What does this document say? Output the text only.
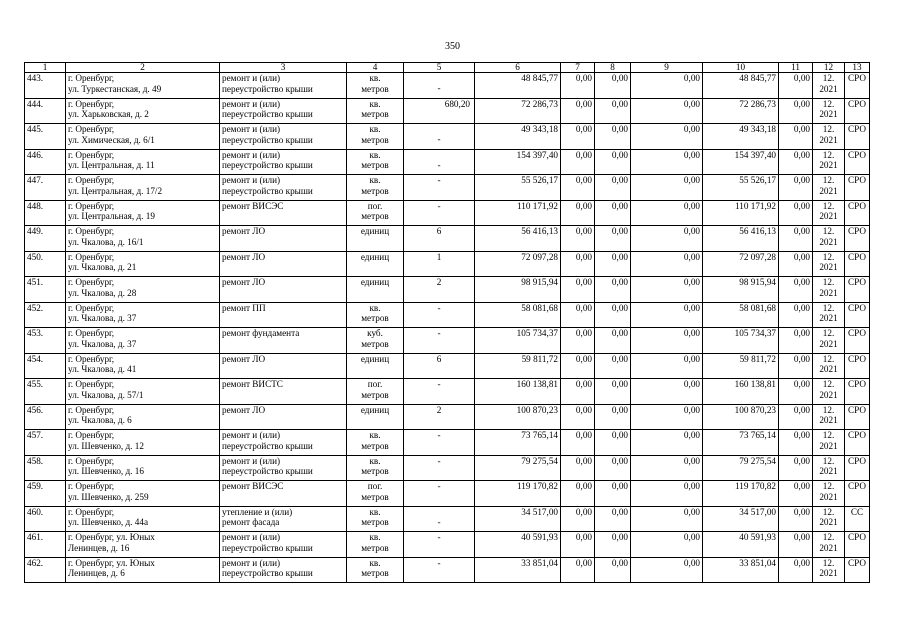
350
1	2	3	4	5	6	7	8	9	10	11	12	13

443.	г. Оренбург,
ул. Туркестанская, д. 49	ремонт и (или)
переустройство крыши	кв.
метров	-	48 845,77	0,00	0,00	0,00	48 845,77	0,00	12.
2021	СРО

444.	г. Оренбург,
ул. Харьковская, д. 2	ремонт и (или)
переустройство крыши	кв.
метров	680,20	72 286,73	0,00	0,00	0,00	72 286,73	0,00	12.
2021	СРО

445.	г. Оренбург,
ул. Химическая, д. 6/1	ремонт и (или)
переустройство крыши	кв.
метров	-	49 343,18	0,00	0,00	0,00	49 343,18	0,00	12.
2021	СРО

446.	г. Оренбург,
ул. Центральная, д. 11	ремонт и (или)
переустройство крыши	кв.
метров	-	154 397,40	0,00	0,00	0,00	154 397,40	0,00	12.
2021	СРО

447.	г. Оренбург,
ул. Центральная, д. 17/2	ремонт и (или)
переустройство крыши	кв.
метров	-	55 526,17	0,00	0,00	0,00	55 526,17	0,00	12.
2021	СРО

448.	г. Оренбург,
ул. Центральная, д. 19	ремонт ВИСЭС	пог.
метров	-	110 171,92	0,00	0,00	0,00	110 171,92	0,00	12.
2021	СРО

449.	г. Оренбург,
ул. Чкалова, д. 16/1	ремонт ЛО	единиц	6	56 416,13	0,00	0,00	0,00	56 416,13	0,00	12.
2021	СРО

450.	г. Оренбург,
ул. Чкалова, д. 21	ремонт ЛО	единиц	1	72 097,28	0,00	0,00	0,00	72 097,28	0,00	12.
2021	СРО

451.	г. Оренбург,
ул. Чкалова, д. 28	ремонт ЛО	единиц	2	98 915,94	0,00	0,00	0,00	98 915,94	0,00	12.
2021	СРО

452.	г. Оренбург,
ул. Чкалова, д. 37	ремонт ПП	кв.
метров	-	58 081,68	0,00	0,00	0,00	58 081,68	0,00	12.
2021	СРО

453.	г. Оренбург,
ул. Чкалова, д. 37	ремонт фундамента	куб.
метров	-	105 734,37	0,00	0,00	0,00	105 734,37	0,00	12.
2021	СРО

454.	г. Оренбург,
ул. Чкалова, д. 41	ремонт ЛО	единиц	6	59 811,72	0,00	0,00	0,00	59 811,72	0,00	12.
2021	СРО

455.	г. Оренбург,
ул. Чкалова, д. 57/1	ремонт ВИСТС	пог.
метров	-	160 138,81	0,00	0,00	0,00	160 138,81	0,00	12.
2021	СРО

456.	г. Оренбург,
ул. Чкалова, д. 6	ремонт ЛО	единиц	2	100 870,23	0,00	0,00	0,00	100 870,23	0,00	12.
2021	СРО

457.	г. Оренбург,
ул. Шевченко, д. 12	ремонт и (или)
переустройство крыши	кв.
метров	-	73 765,14	0,00	0,00	0,00	73 765,14	0,00	12.
2021	СРО

458.	г. Оренбург,
ул. Шевченко, д. 16	ремонт и (или)
переустройство крыши	кв.
метров	-	79 275,54	0,00	0,00	0,00	79 275,54	0,00	12.
2021	СРО

459.	г. Оренбург,
ул. Шевченко, д. 259	ремонт ВИСЭС	пог.
метров	-	119 170,82	0,00	0,00	0,00	119 170,82	0,00	12.
2021	СРО

460.	г. Оренбург,
ул. Шевченко, д. 44а	утепление и (или)
ремонт фасада	кв.
метров	-	34 517,00	0,00	0,00	0,00	34 517,00	0,00	12.
2021	СС

461.	г. Оренбург, ул. Юных
Ленинцев, д. 16	ремонт и (или)
переустройство крыши	кв.
метров	-	40 591,93	0,00	0,00	0,00	40 591,93	0,00	12.
2021	СРО

462.	г. Оренбург, ул. Юных
Ленинцев, д. 6	ремонт и (или)
переустройство крыши	кв.
метров	-	33 851,04	0,00	0,00	0,00	33 851,04	0,00	12.
2021	СРО
